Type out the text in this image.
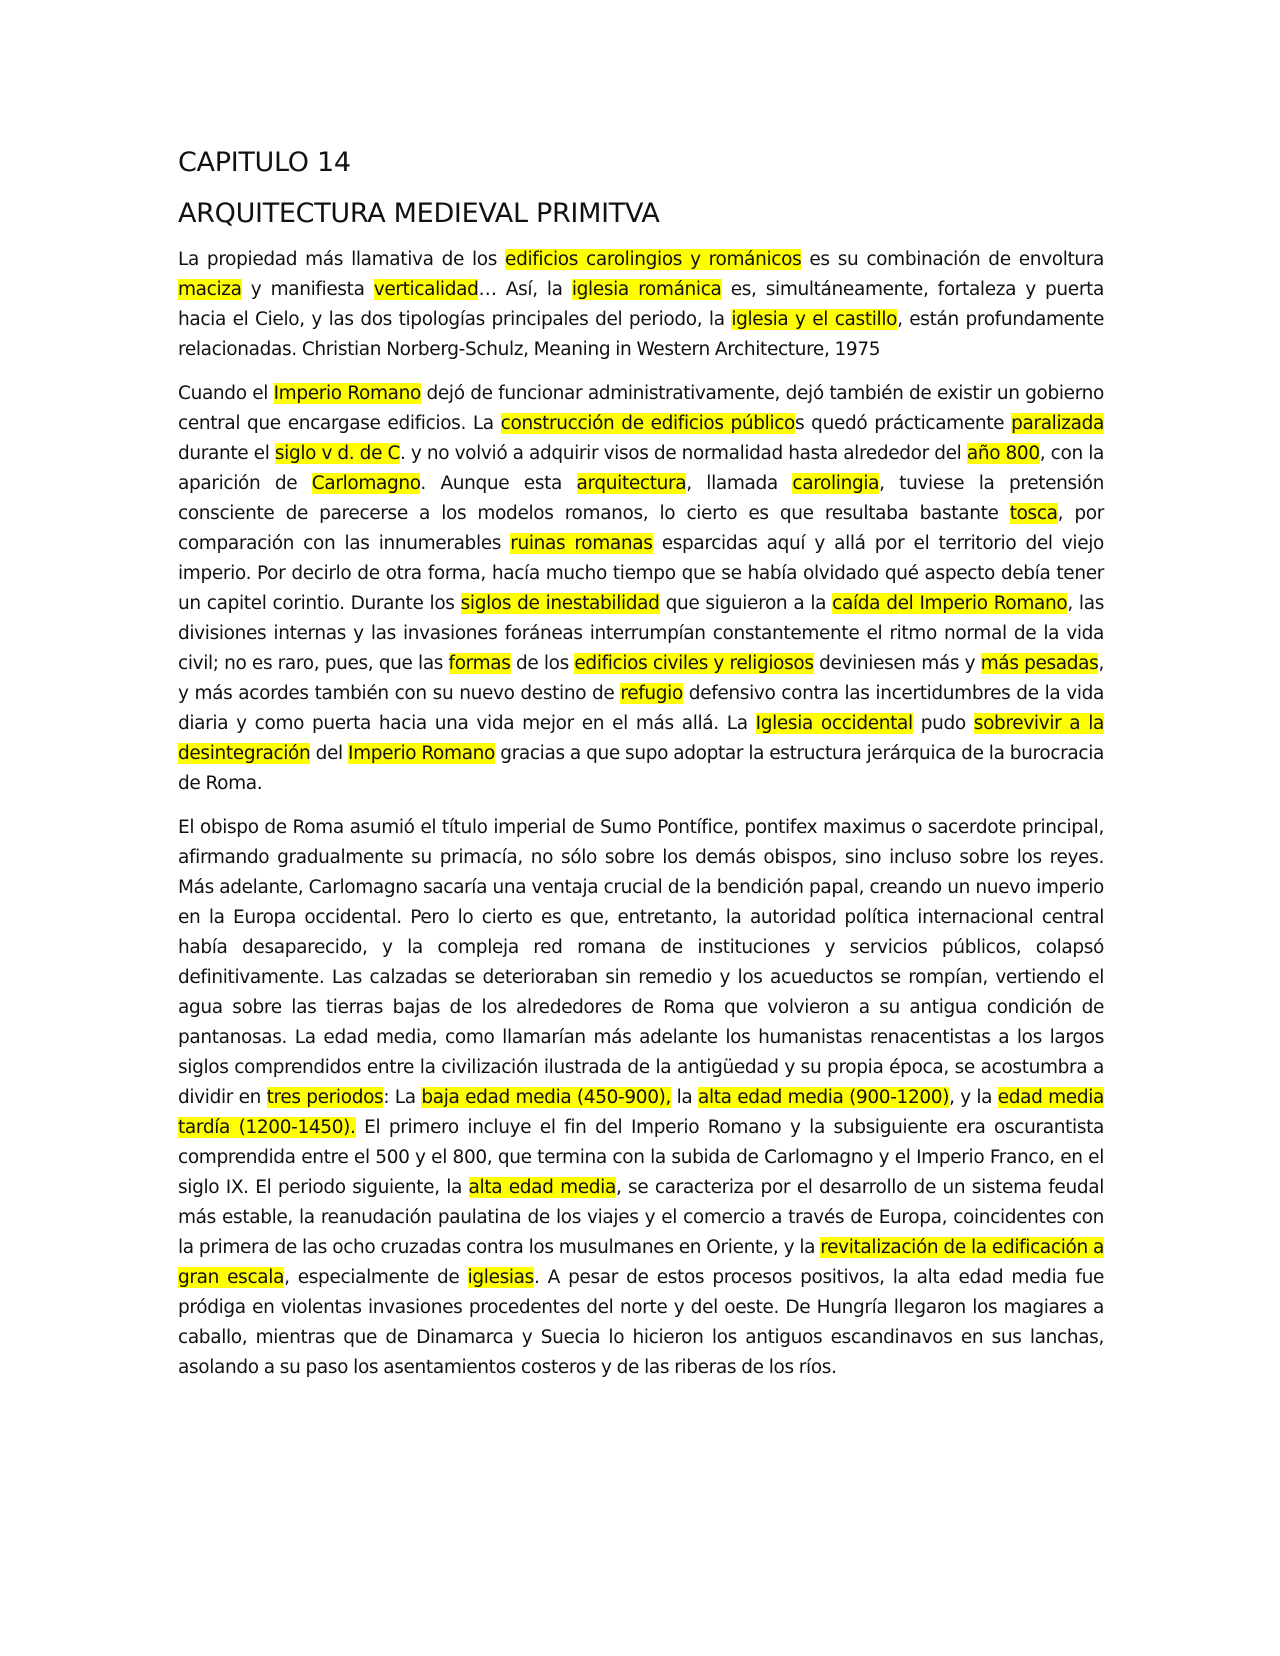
CAPITULO 14
ARQUITECTURA MEDIEVAL PRIMITVA

La propiedad más llamativa de los edificios carolingios y románicos es su combinación de envoltura maciza y manifiesta verticalidad… Así, la iglesia románica es, simultáneamente, fortaleza y puerta hacia el Cielo, y las dos tipologías principales del periodo, la iglesia y el castillo, están profundamente relacionadas. Christian Norberg-Schulz, Meaning in Western Architecture, 1975

Cuando el Imperio Romano dejó de funcionar administrativamente, dejó también de existir un gobierno central que encargase edificios. La construcción de edificios públicos quedó prácticamente paralizada durante el siglo v d. de C. y no volvió a adquirir visos de normalidad hasta alrededor del año 800, con la aparición de Carlomagno. Aunque esta arquitectura, llamada carolingia, tuviese la pretensión consciente de parecerse a los modelos romanos, lo cierto es que resultaba bastante tosca, por comparación con las innumerables ruinas romanas esparcidas aquí y allá por el territorio del viejo imperio. Por decirlo de otra forma, hacía mucho tiempo que se había olvidado qué aspecto debía tener un capitel corintio. Durante los siglos de inestabilidad que siguieron a la caída del Imperio Romano, las divisiones internas y las invasiones foráneas interrumpían constantemente el ritmo normal de la vida civil; no es raro, pues, que las formas de los edificios civiles y religiosos deviniesen más y más pesadas, y más acordes también con su nuevo destino de refugio defensivo contra las incertidumbres de la vida diaria y como puerta hacia una vida mejor en el más allá. La Iglesia occidental pudo sobrevivir a la desintegración del Imperio Romano gracias a que supo adoptar la estructura jerárquica de la burocracia de Roma.

El obispo de Roma asumió el título imperial de Sumo Pontífice, pontifex maximus o sacerdote principal, afirmando gradualmente su primacía, no sólo sobre los demás obispos, sino incluso sobre los reyes. Más adelante, Carlomagno sacaría una ventaja crucial de la bendición papal, creando un nuevo imperio en la Europa occidental. Pero lo cierto es que, entretanto, la autoridad política internacional central había desaparecido, y la compleja red romana de instituciones y servicios públicos, colapsó definitivamente. Las calzadas se deterioraban sin remedio y los acueductos se rompían, vertiendo el agua sobre las tierras bajas de los alrededores de Roma que volvieron a su antigua condición de pantanosas. La edad media, como llamarían más adelante los humanistas renacentistas a los largos siglos comprendidos entre la civilización ilustrada de la antigüedad y su propia época, se acostumbra a dividir en tres periodos: La baja edad media (450-900), la alta edad media (900-1200), y la edad media tardía (1200-1450). El primero incluye el fin del Imperio Romano y la subsiguiente era oscurantista comprendida entre el 500 y el 800, que termina con la subida de Carlomagno y el Imperio Franco, en el siglo IX. El periodo siguiente, la alta edad media, se caracteriza por el desarrollo de un sistema feudal más estable, la reanudación paulatina de los viajes y el comercio a través de Europa, coincidentes con la primera de las ocho cruzadas contra los musulmanes en Oriente, y la revitalización de la edificación a gran escala, especialmente de iglesias. A pesar de estos procesos positivos, la alta edad media fue pródiga en violentas invasiones procedentes del norte y del oeste. De Hungría llegaron los magiares a caballo, mientras que de Dinamarca y Suecia lo hicieron los antiguos escandinavos en sus lanchas, asolando a su paso los asentamientos costeros y de las riberas de los ríos.
